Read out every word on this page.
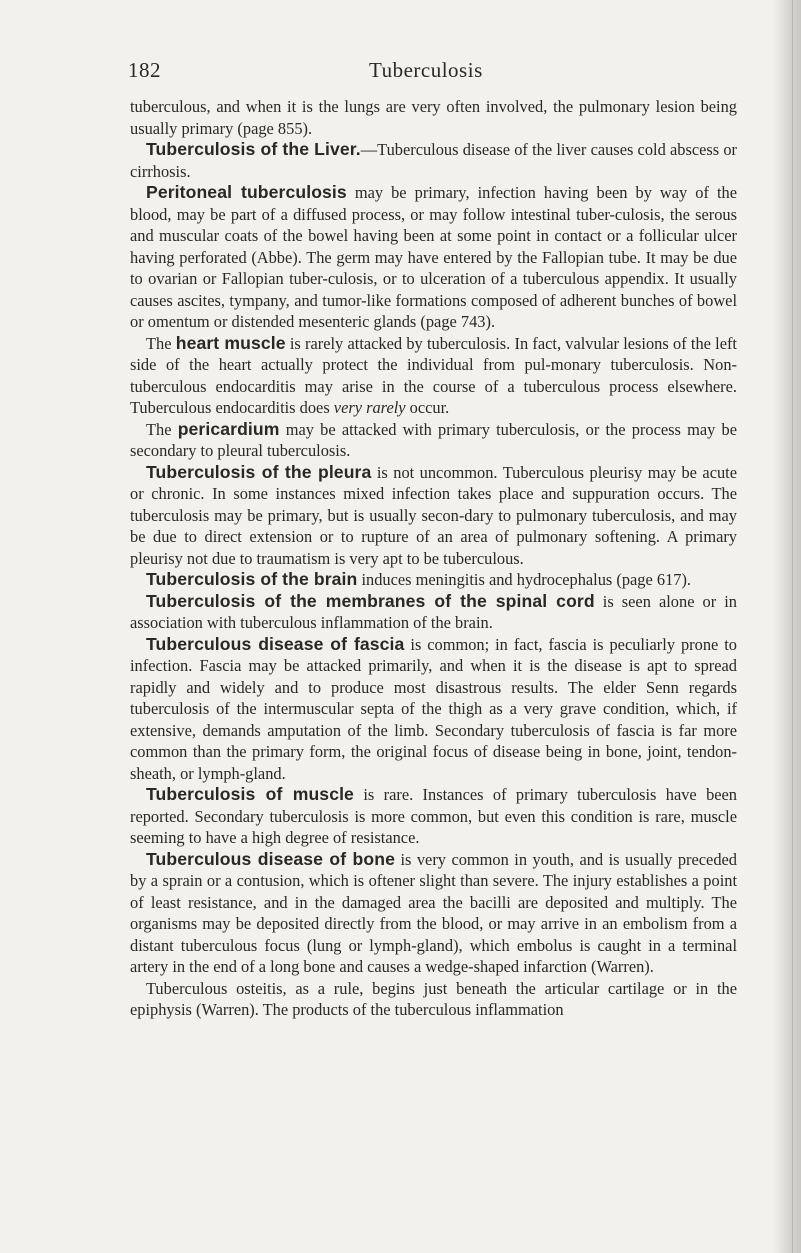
182	Tuberculosis

tuberculous, and when it is the lungs are very often involved, the pulmonary lesion being usually primary (page 855).

Tuberculosis of the Liver.—Tuberculous disease of the liver causes cold abscess or cirrhosis.

Peritoneal tuberculosis may be primary, infection having been by way of the blood, may be part of a diffused process, or may follow intestinal tuber-culosis, the serous and muscular coats of the bowel having been at some point in contact or a follicular ulcer having perforated (Abbe). The germ may have entered by the Fallopian tube. It may be due to ovarian or Fallopian tuber-culosis, or to ulceration of a tuberculous appendix. It usually causes ascites, tympany, and tumor-like formations composed of adherent bunches of bowel or omentum or distended mesenteric glands (page 743).

The heart muscle is rarely attacked by tuberculosis. In fact, valvular lesions of the left side of the heart actually protect the individual from pul-monary tuberculosis. Non-tuberculous endocarditis may arise in the course of a tuberculous process elsewhere. Tuberculous endocarditis does very rarely occur.

The pericardium may be attacked with primary tuberculosis, or the process may be secondary to pleural tuberculosis.

Tuberculosis of the pleura is not uncommon. Tuberculous pleurisy may be acute or chronic. In some instances mixed infection takes place and suppuration occurs. The tuberculosis may be primary, but is usually secon-dary to pulmonary tuberculosis, and may be due to direct extension or to rupture of an area of pulmonary softening. A primary pleurisy not due to traumatism is very apt to be tuberculous.

Tuberculosis of the brain induces meningitis and hydrocephalus (page 617).

Tuberculosis of the membranes of the spinal cord is seen alone or in association with tuberculous inflammation of the brain.

Tuberculous disease of fascia is common; in fact, fascia is peculiarly prone to infection. Fascia may be attacked primarily, and when it is the disease is apt to spread rapidly and widely and to produce most disastrous results. The elder Senn regards tuberculosis of the intermuscular septa of the thigh as a very grave condition, which, if extensive, demands amputation of the limb. Secondary tuberculosis of fascia is far more common than the primary form, the original focus of disease being in bone, joint, tendon-sheath, or lymph-gland.

Tuberculosis of muscle is rare. Instances of primary tuberculosis have been reported. Secondary tuberculosis is more common, but even this condition is rare, muscle seeming to have a high degree of resistance.

Tuberculous disease of bone is very common in youth, and is usually preceded by a sprain or a contusion, which is oftener slight than severe. The injury establishes a point of least resistance, and in the damaged area the bacilli are deposited and multiply. The organisms may be deposited directly from the blood, or may arrive in an embolism from a distant tuberculous focus (lung or lymph-gland), which embolus is caught in a terminal artery in the end of a long bone and causes a wedge-shaped infarction (Warren).

Tuberculous osteitis, as a rule, begins just beneath the articular cartilage or in the epiphysis (Warren). The products of the tuberculous inflammation
